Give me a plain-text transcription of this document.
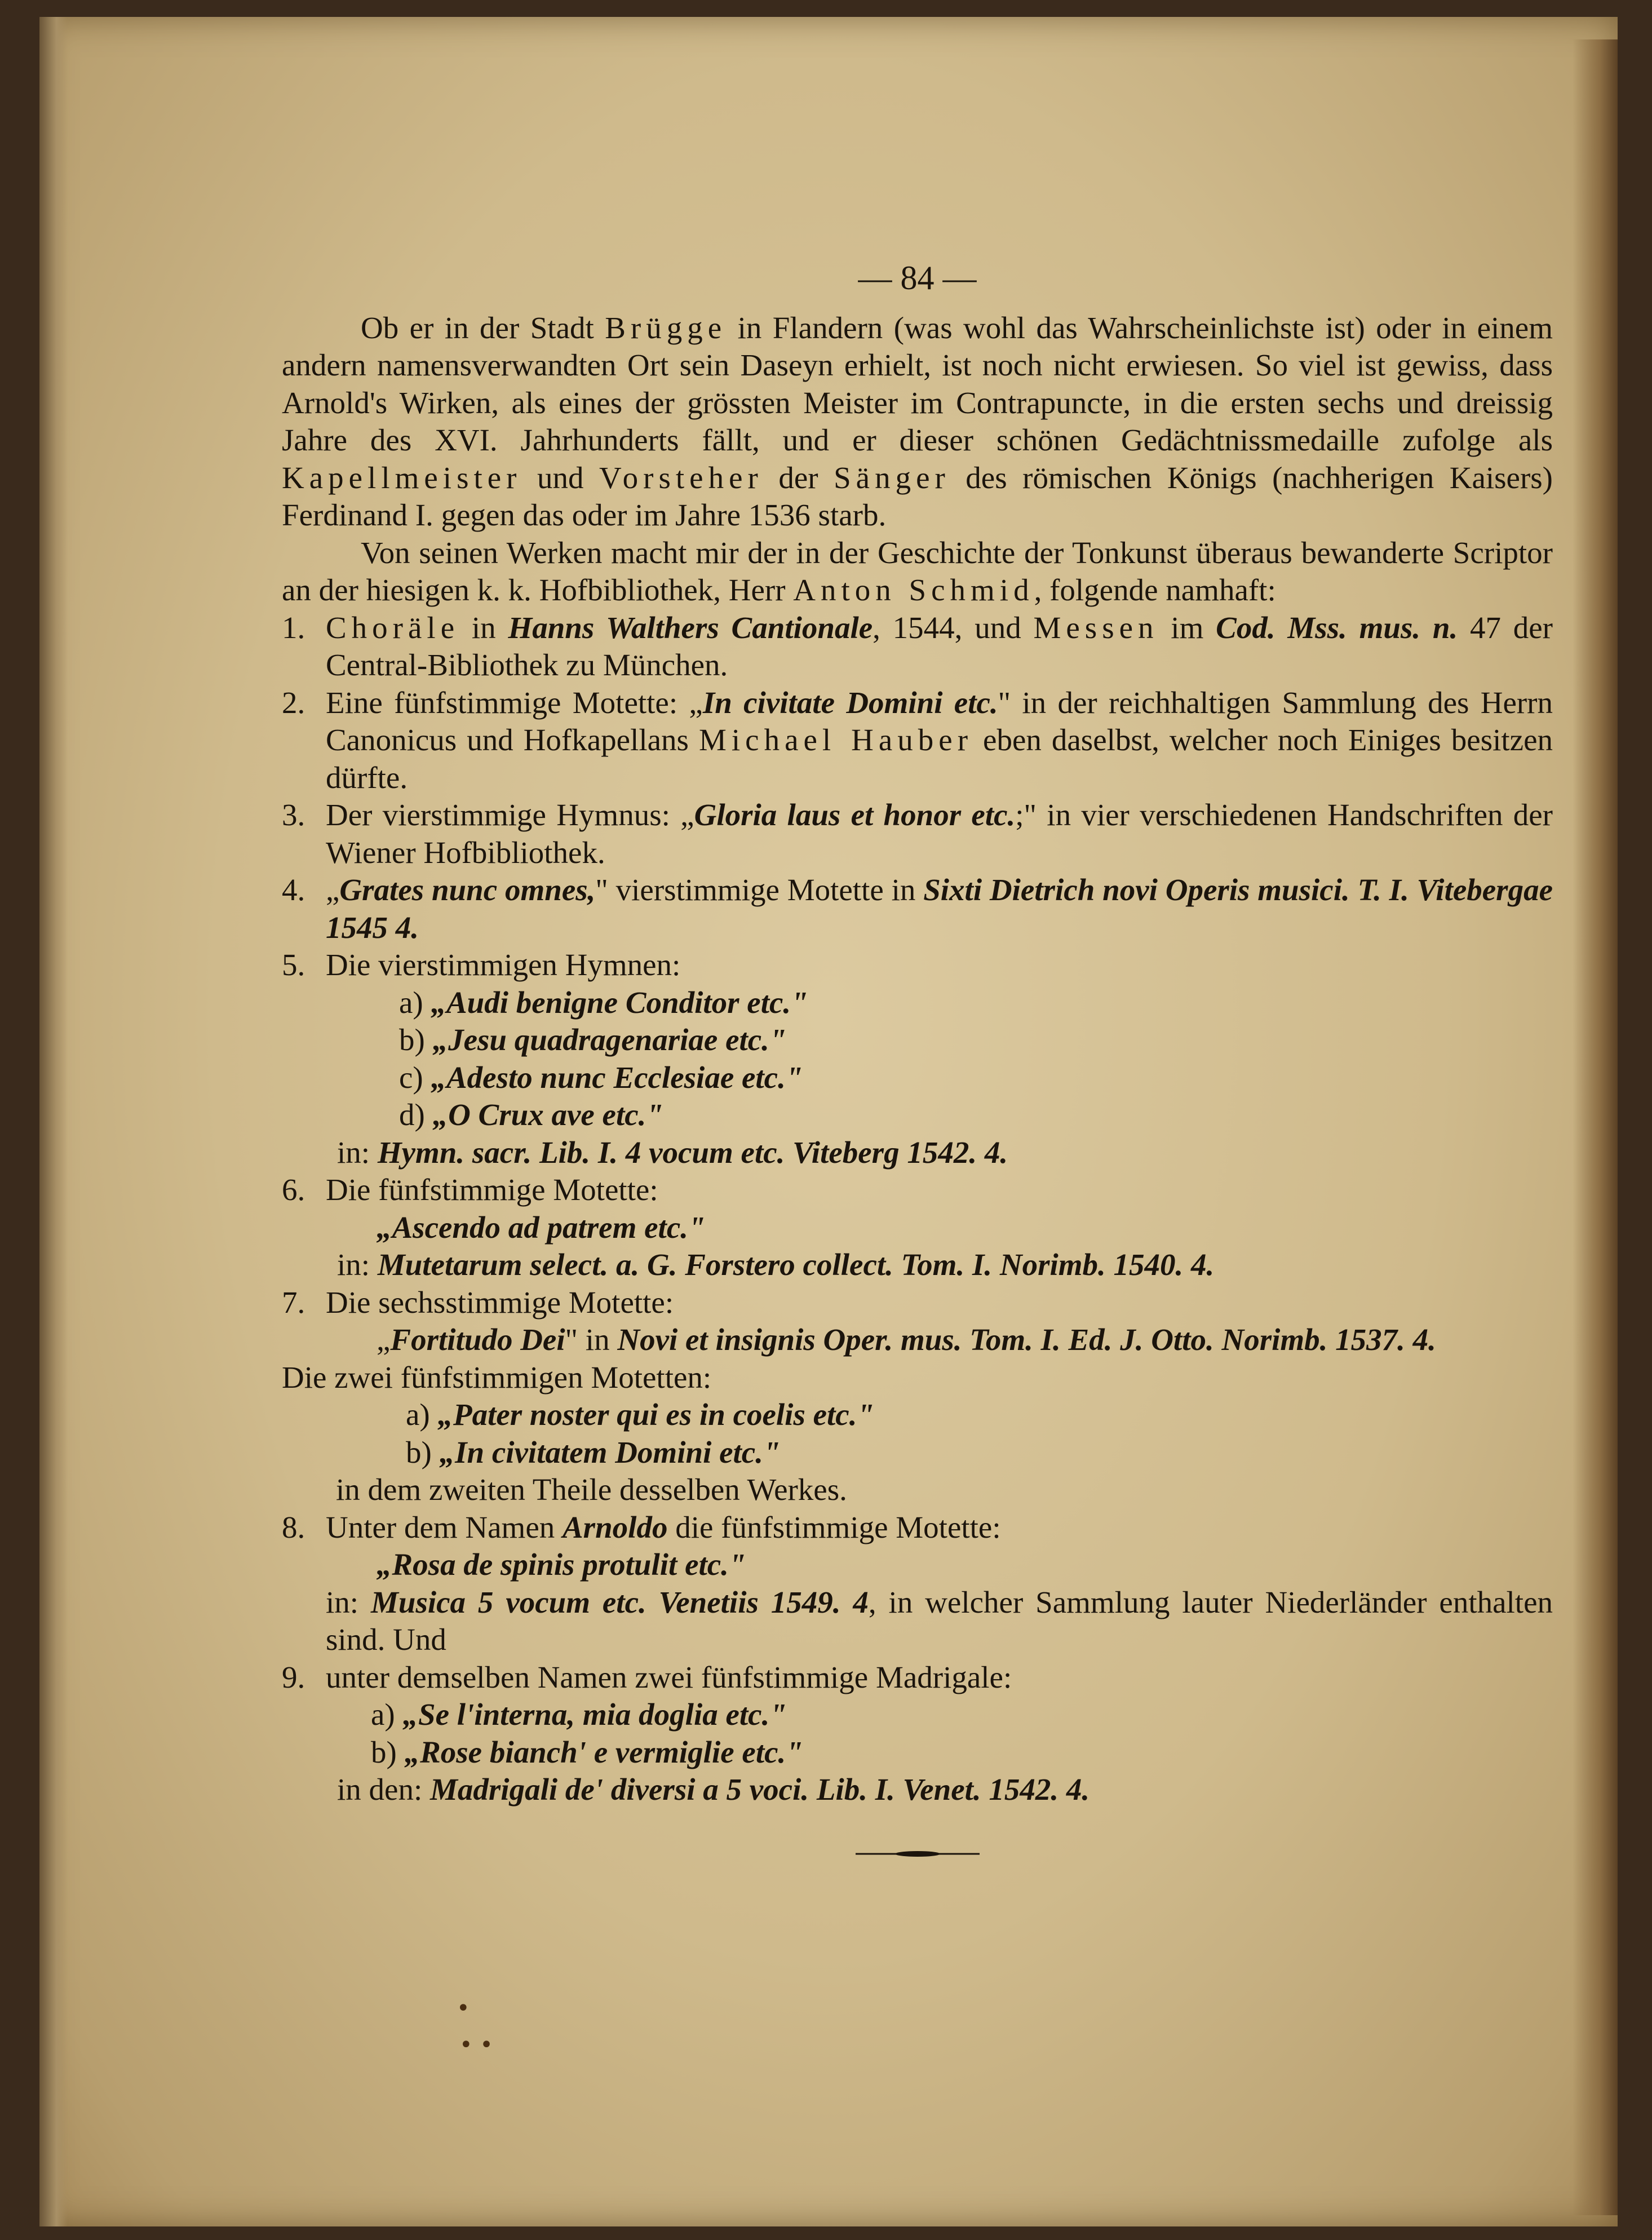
— 84 —
Ob er in der Stadt Brügge in Flandern (was wohl das Wahrscheinlichste ist) oder in einem andern namensverwandten Ort sein Daseyn erhielt, ist noch nicht erwiesen. So viel ist gewiss, dass Arnold's Wirken, als eines der grössten Meister im Contrapuncte, in die ersten sechs und dreissig Jahre des XVI. Jahrhunderts fällt, und er dieser schönen Gedächtnissmedaille zufolge als Kapellmeister und Vorsteher der Sänger des römischen Königs (nachherigen Kaisers) Ferdinand I. gegen das oder im Jahre 1536 starb.
Von seinen Werken macht mir der in der Geschichte der Tonkunst überaus bewanderte Scriptor an der hiesigen k. k. Hofbibliothek, Herr Anton Schmid, folgende namhaft:
1. Choräle in Hanns Walthers Cantionale, 1544, und Messen im Cod. Mss. mus. n. 47 der Central-Bibliothek zu München.
2. Eine fünfstimmige Motette: „In civitate Domini etc." in der reichhaltigen Sammlung des Herrn Canonicus und Hofkapellans Michael Hauber eben daselbst, welcher noch Einiges besitzen dürfte.
3. Der vierstimmige Hymnus: „Gloria laus et honor etc.;" in vier verschiedenen Handschriften der Wiener Hofbibliothek.
4. „Grates nunc omnes," vierstimmige Motette in Sixti Dietrich novi Operis musici. T. I. Vitebergae 1545 4.
5. Die vierstimmigen Hymnen:
a) „Audi benigne Conditor etc."
b) „Jesu quadragenariae etc."
c) „Adesto nunc Ecclesiae etc."
d) „O Crux ave etc."
in: Hymn. sacr. Lib. I. 4 vocum etc. Viteberg 1542. 4.
6. Die fünfstimmige Motette:
„Ascendo ad patrem etc."
in: Mutetarum select. a. G. Forstero collect. Tom. I. Norimb. 1540. 4.
7. Die sechsstimmige Motette:
„Fortitudo Dei" in Novi et insignis Oper. mus. Tom. I. Ed. J. Otto. Norimb. 1537. 4.
Die zwei fünfstimmigen Motetten:
a) „Pater noster qui es in coelis etc."
b) „In civitatem Domini etc."
in dem zweiten Theile desselben Werkes.
8. Unter dem Namen Arnoldo die fünfstimmige Motette:
„Rosa de spinis protulit etc."
in: Musica 5 vocum etc. Venetiis 1549. 4, in welcher Sammlung lauter Niederländer enthalten sind. Und
9. unter demselben Namen zwei fünfstimmige Madrigale:
a) „Se l'interna, mia doglia etc."
b) „Rose bianch' e vermiglie etc."
in den: Madrigali de' diversi a 5 voci. Lib. I. Venet. 1542. 4.
•
• •
